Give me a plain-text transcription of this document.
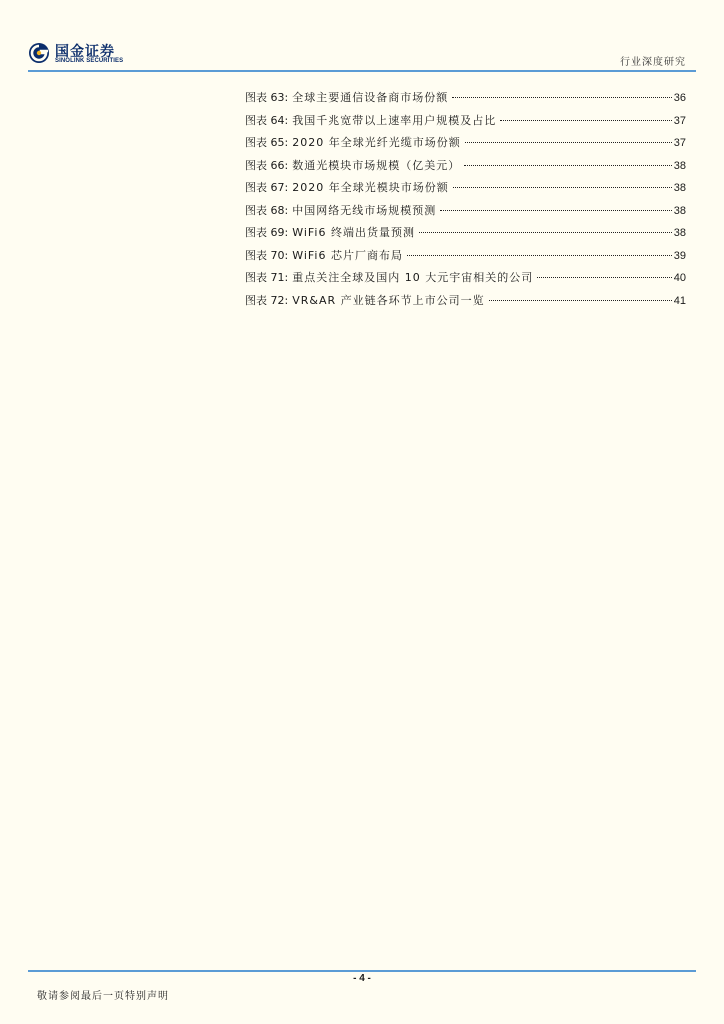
国金证券
SINOLINK SECURITIES	行业深度研究
图表 63: 全球主要通信设备商市场份额	36
图表 64: 我国千兆宽带以上速率用户规模及占比	37
图表 65: 2020 年全球光纤光缆市场份额	37
图表 66: 数通光模块市场规模（亿美元）	38
图表 67: 2020 年全球光模块市场份额	38
图表 68: 中国网络无线市场规模预测	38
图表 69: WiFi6 终端出货量预测	38
图表 70: WiFi6 芯片厂商布局	39
图表 71: 重点关注全球及国内 10 大元宇宙相关的公司	40
图表 72: VR&AR 产业链各环节上市公司一览	41
- 4 -
敬请参阅最后一页特别声明
